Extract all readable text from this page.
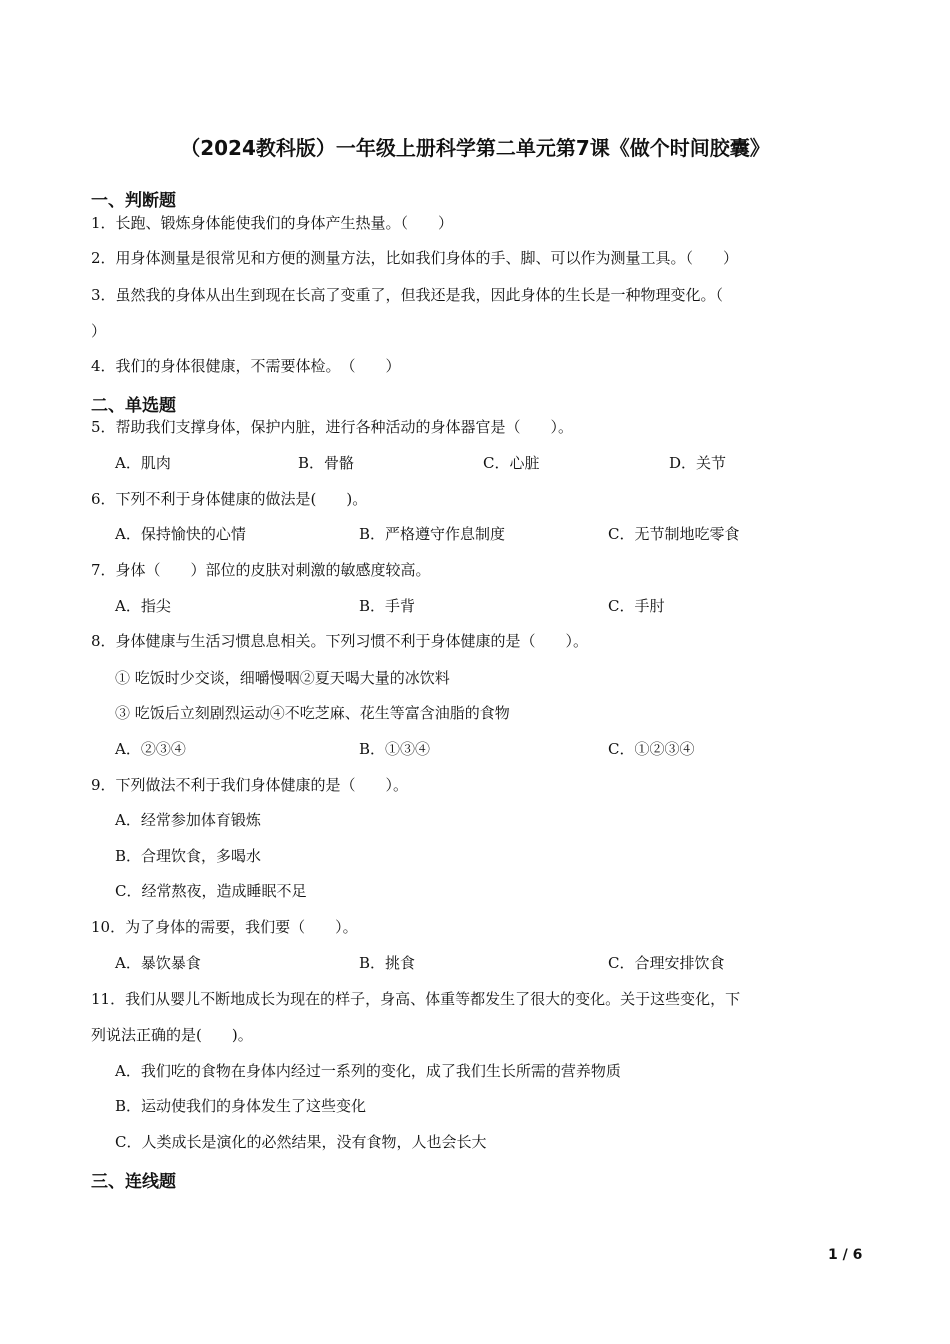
（2024教科版）一年级上册科学第二单元第7课《做个时间胶囊》
一、判断题
1．长跑、锻炼身体能使我们的身体产生热量。（　　）
2．用身体测量是很常见和方便的测量方法，比如我们身体的手、脚、可以作为测量工具。（　　）
3．虽然我的身体从出生到现在长高了变重了，但我还是我，因此身体的生长是一种物理变化。（
）
4．我们的身体很健康，不需要体检。　（　　）
二、单选题
5．帮助我们支撑身体，保护内脏，进行各种活动的身体器官是（　　）。
A．肌肉	B．骨骼	C．心脏	D．关节
6．下列不利于身体健康的做法是(　　)。
A．保持愉快的心情	B．严格遵守作息制度	C．无节制地吃零食
7．身体（　　）部位的皮肤对刺激的敏感度较高。
A．指尖	B．手背	C．手肘
8．身体健康与生活习惯息息相关。下列习惯不利于身体健康的是（　　）。
① 吃饭时少交谈，细嚼慢咽②夏天喝大量的冰饮料
③ 吃饭后立刻剧烈运动④不吃芝麻、花生等富含油脂的食物
A．②③④	B．①③④	C．①②③④
9．下列做法不利于我们身体健康的是（　　）。
A．经常参加体育锻炼
B．合理饮食，多喝水
C．经常熬夜，造成睡眠不足
10．为了身体的需要，我们要（　　）。
A．暴饮暴食	B．挑食	C．合理安排饮食
11．我们从婴儿不断地成长为现在的样子，身高、体重等都发生了很大的变化。关于这些变化，下
列说法正确的是(　　)。
A．我们吃的食物在身体内经过一系列的变化，成了我们生长所需的营养物质
B．运动使我们的身体发生了这些变化
C．人类成长是演化的必然结果，没有食物，人也会长大
三、连线题
1 / 6
